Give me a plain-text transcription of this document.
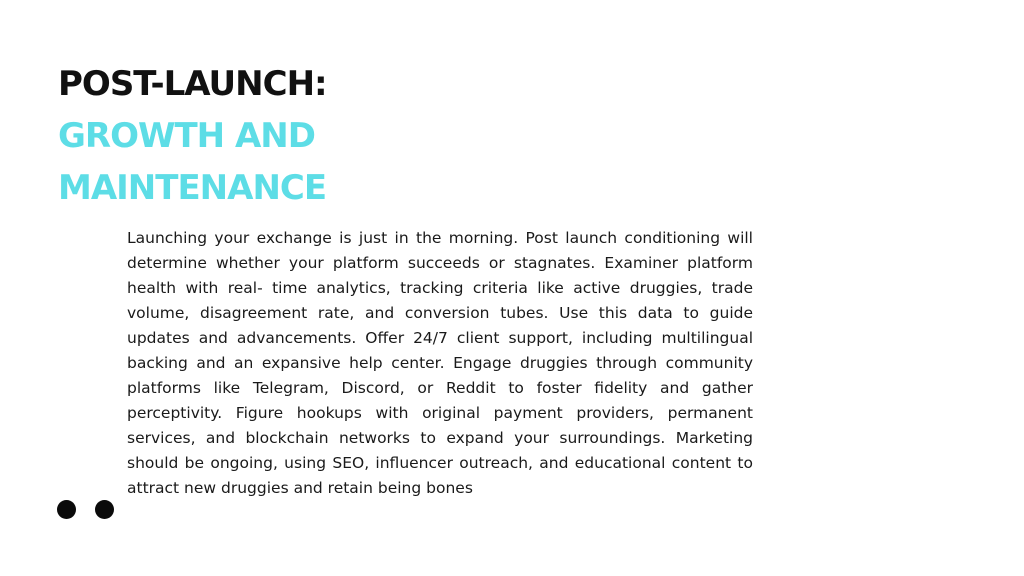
POST-LAUNCH:
GROWTH AND
MAINTENANCE

Launching your exchange is just in the morning. Post launch conditioning will determine whether your platform succeeds or stagnates. Examiner platform health with real- time analytics, tracking criteria like active druggies, trade volume, disagreement rate, and conversion tubes. Use this data to guide updates and advancements. Offer 24/7 client support, including multilingual backing and an expansive help center. Engage druggies through community platforms like Telegram, Discord, or Reddit to foster fidelity and gather perceptivity. Figure hookups with original payment providers, permanent services, and blockchain networks to expand your surroundings. Marketing should be ongoing, using SEO, influencer outreach, and educational content to attract new druggies and retain being bones
